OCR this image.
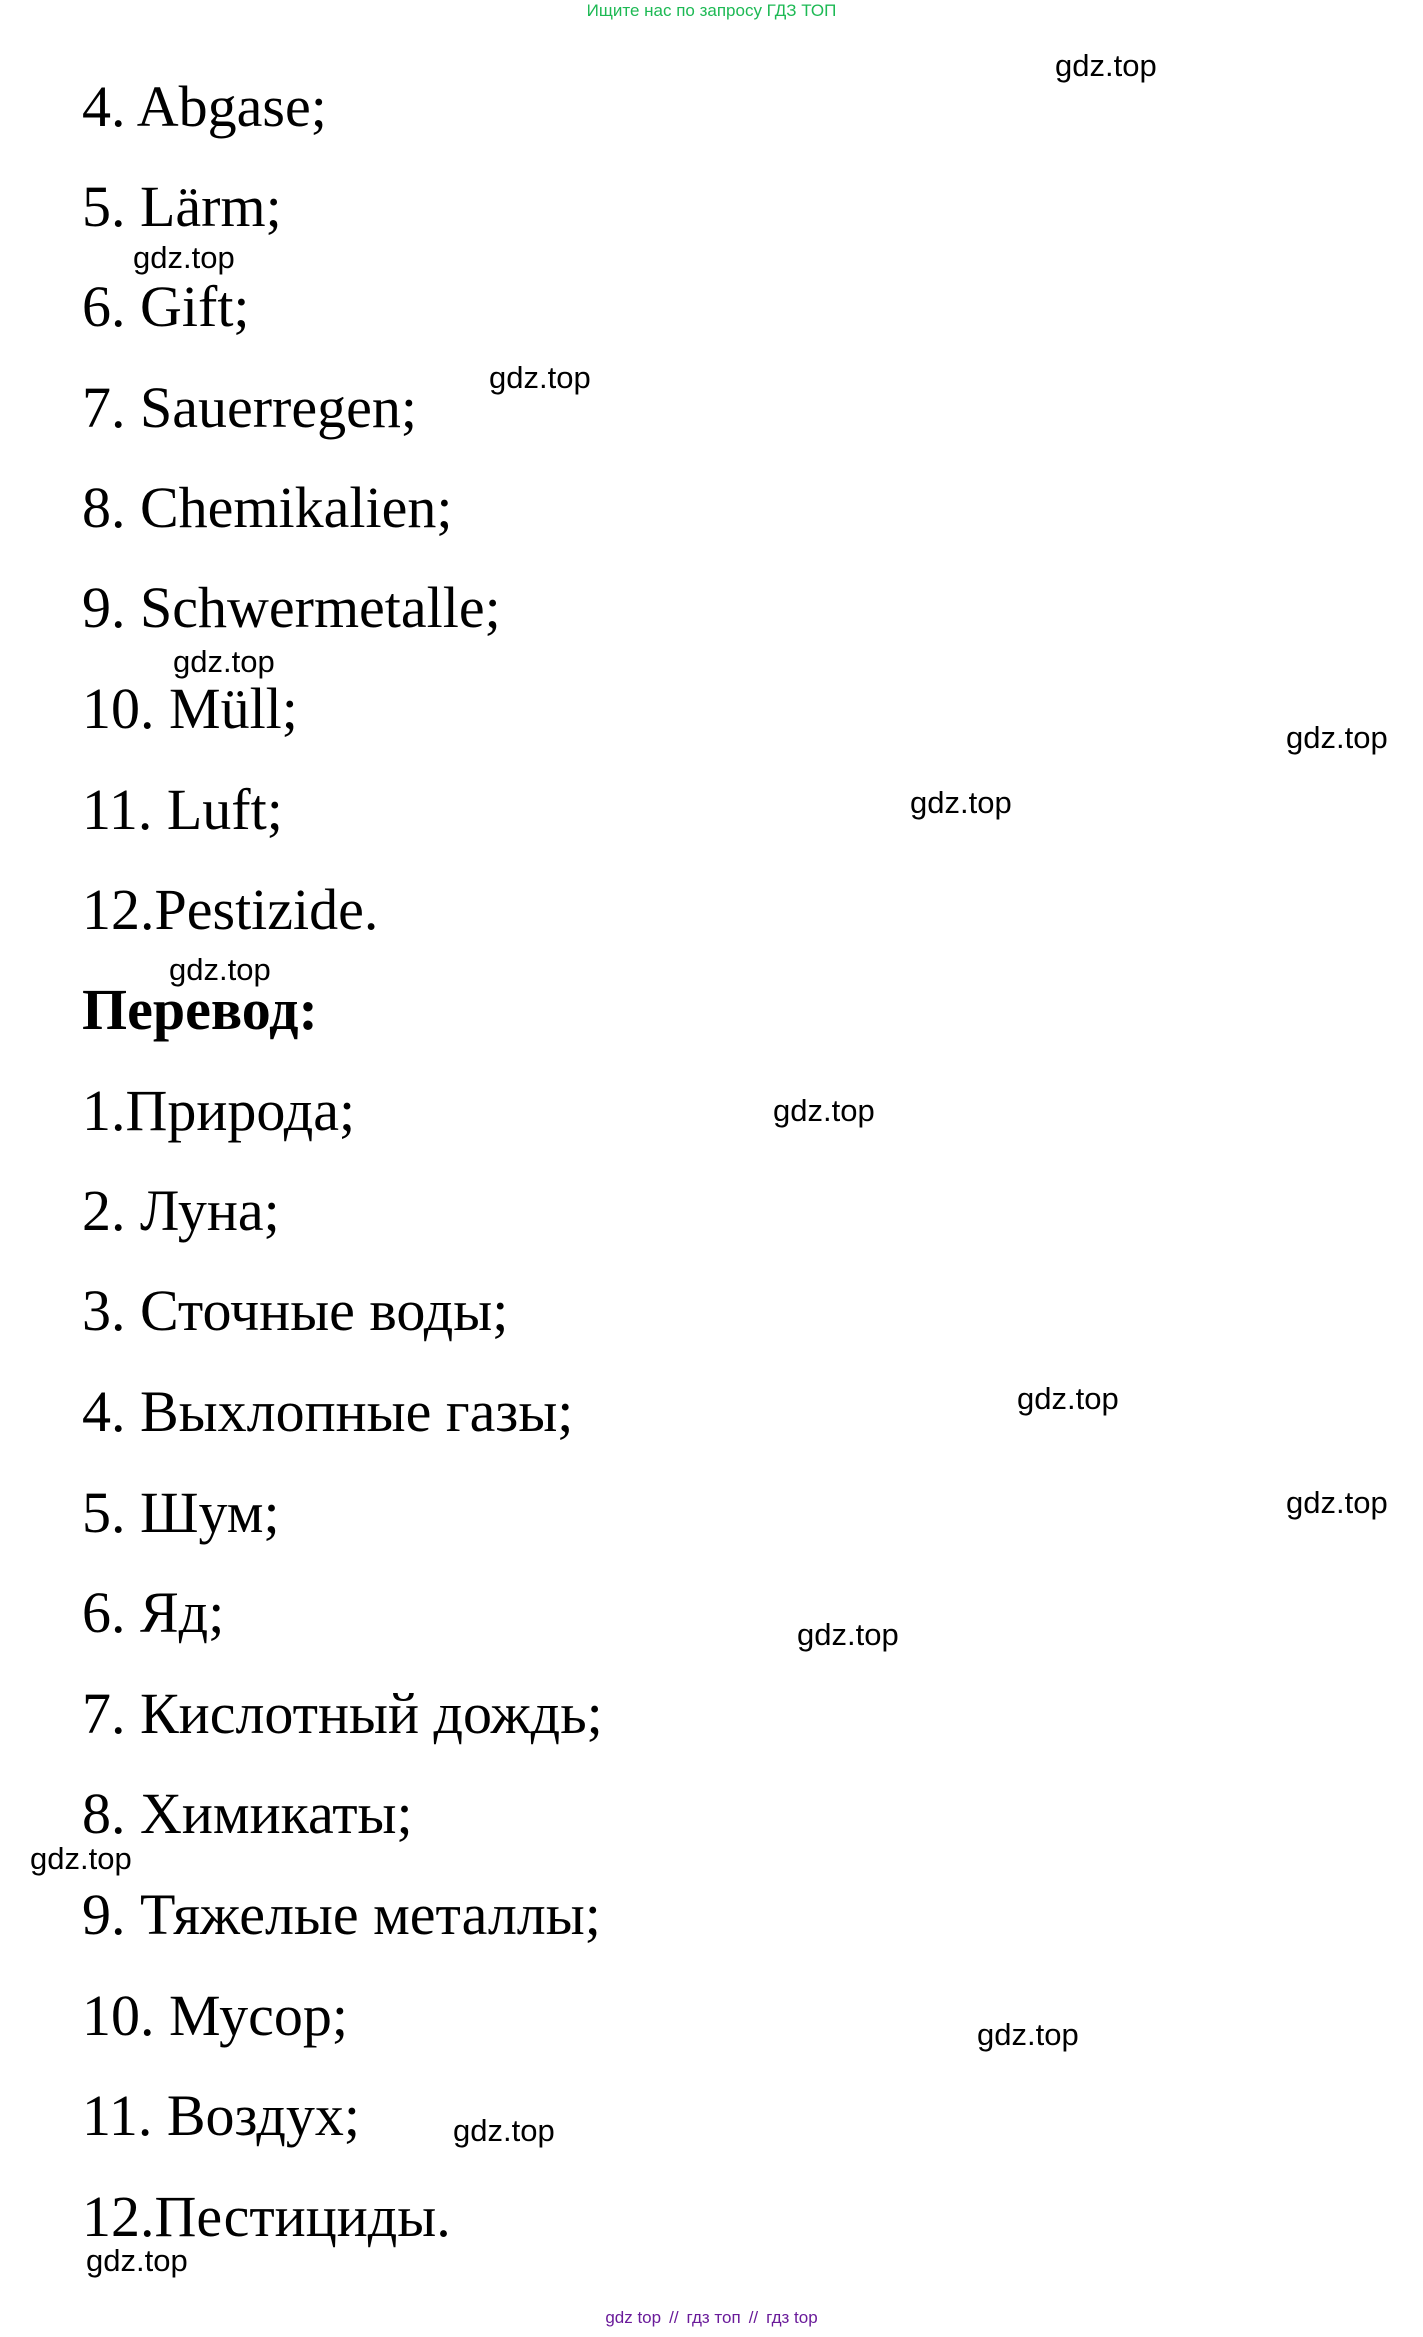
Ищите нас по запросу ГДЗ ТОП
4. Abgase;
5. Lärm;
6. Gift;
7. Sauerregen;
8. Chemikalien;
9. Schwermetalle;
10. Müll;
11. Luft;
12.Pestizide.
Перевод:
1.Природа;
2. Луна;
3. Сточные воды;
4. Выхлопные газы;
5. Шум;
6. Яд;
7. Кислотный дождь;
8. Химикаты;
9. Тяжелые металлы;
10. Мусор;
11. Воздух;
12.Пестициды.
gdz.top
gdz.top
gdz.top
gdz.top
gdz.top
gdz.top
gdz.top
gdz.top
gdz.top
gdz.top
gdz.top
gdz.top
gdz.top
gdz.top
gdz.top
gdz top // гдз топ // гдз top
